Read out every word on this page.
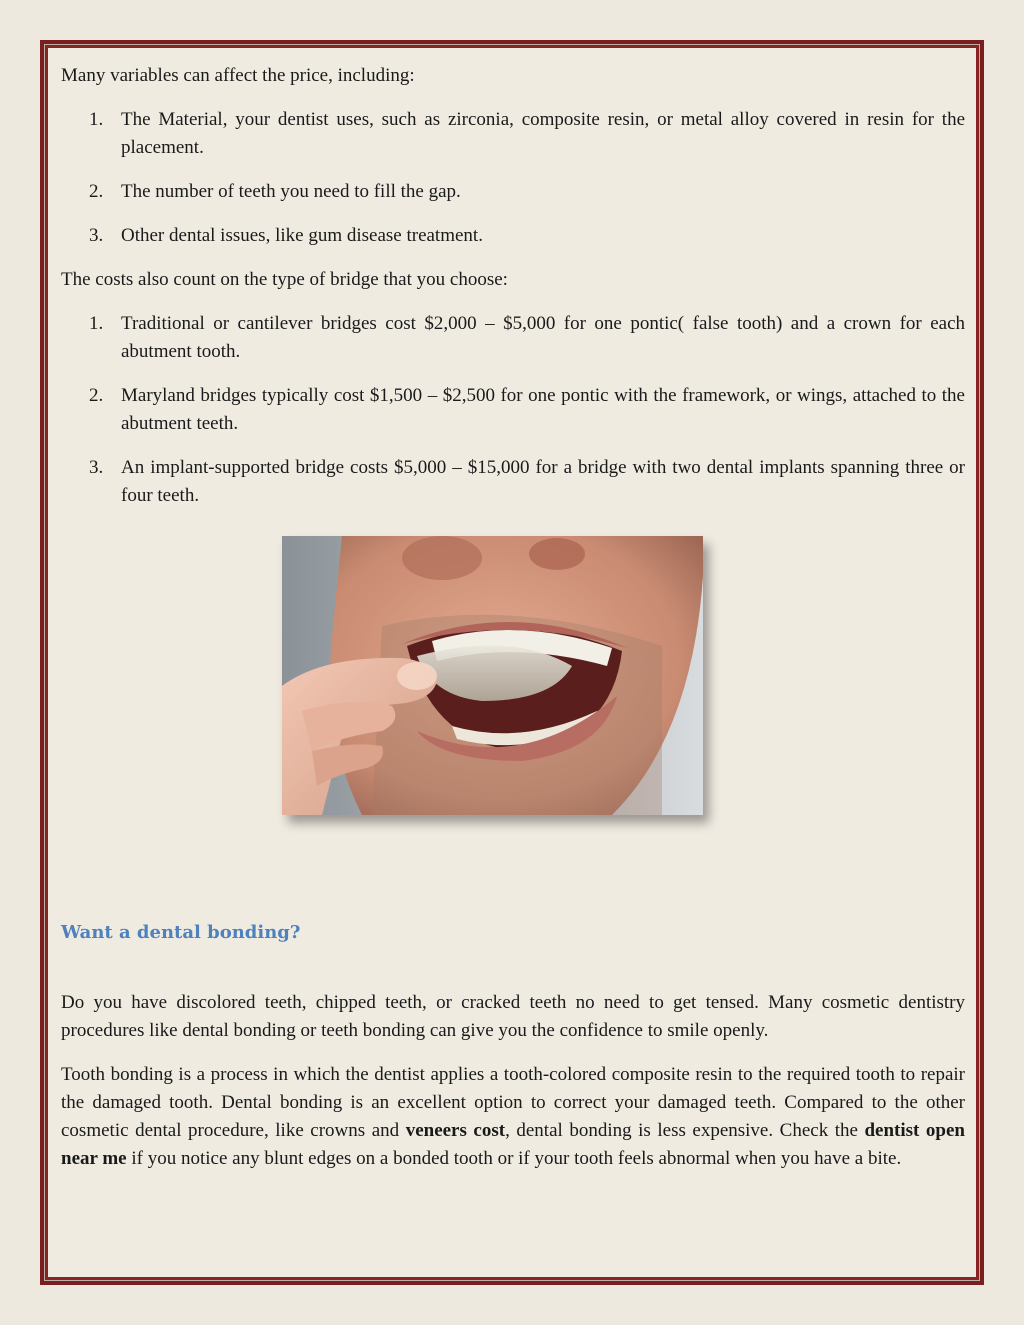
Many variables can affect the price, including:

1. The Material, your dentist uses, such as zirconia, composite resin, or metal alloy covered in resin for the placement.
2. The number of teeth you need to fill the gap.
3. Other dental issues, like gum disease treatment.

The costs also count on the type of bridge that you choose:

1. Traditional or cantilever bridges cost $2,000 – $5,000 for one pontic( false tooth) and a crown for each abutment tooth.
2. Maryland bridges typically cost $1,500 – $2,500 for one pontic with the framework, or wings, attached to the abutment teeth.
3. An implant-supported bridge costs $5,000 – $15,000 for a bridge with two dental implants spanning three or four teeth.
Want a dental bonding?

Do you have discolored teeth, chipped teeth, or cracked teeth no need to get tensed. Many cosmetic dentistry procedures like dental bonding or teeth bonding can give you the confidence to smile openly.

Tooth bonding is a process in which the dentist applies a tooth-colored composite resin to the required tooth to repair the damaged tooth. Dental bonding is an excellent option to correct your damaged teeth. Compared to the other cosmetic dental procedure, like crowns and veneers cost, dental bonding is less expensive. Check the dentist open near me if you notice any blunt edges on a bonded tooth or if your tooth feels abnormal when you have a bite.
